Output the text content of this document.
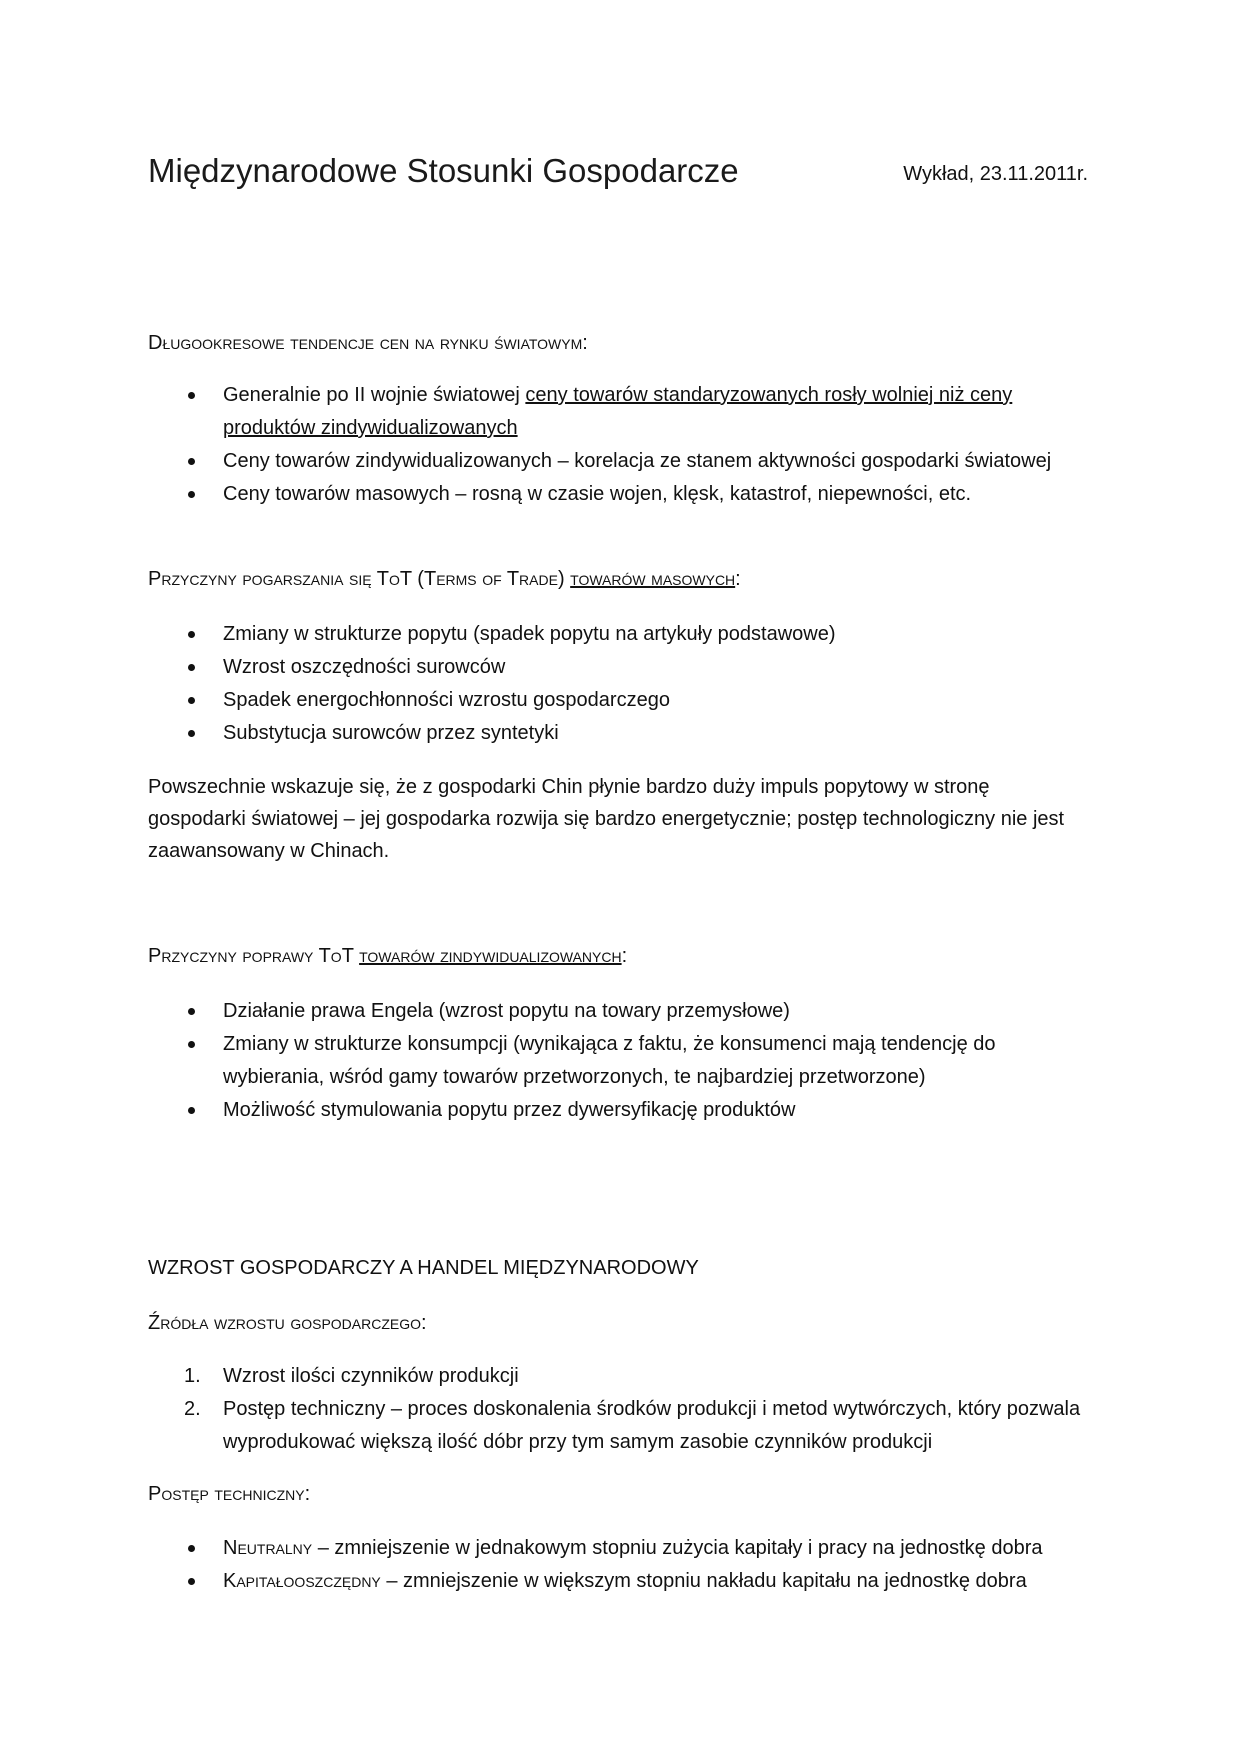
Międzynarodowe Stosunki Gospodarcze	Wykład, 23.11.2011r.
Długookresowe tendencje cen na rynku światowym:
Generalnie po II wojnie światowej ceny towarów standaryzowanych rosły wolniej niż ceny produktów zindywidualizowanych
Ceny towarów zindywidualizowanych – korelacja ze stanem aktywności gospodarki światowej
Ceny towarów masowych – rosną w czasie wojen, klęsk, katastrof, niepewności, etc.
Przyczyny pogarszania się ToT (Terms of Trade) towarów masowych:
Zmiany w strukturze popytu (spadek popytu na artykuły podstawowe)
Wzrost oszczędności surowców
Spadek energochłonności wzrostu gospodarczego
Substytucja surowców przez syntetyki
Powszechnie wskazuje się, że z gospodarki Chin płynie bardzo duży impuls popytowy w stronę gospodarki światowej – jej gospodarka rozwija się bardzo energetycznie; postęp technologiczny nie jest zaawansowany w Chinach.
Przyczyny poprawy ToT towarów zindywidualizowanych:
Działanie prawa Engela (wzrost popytu na towary przemysłowe)
Zmiany w strukturze konsumpcji (wynikająca z faktu, że konsumenci mają tendencję do wybierania, wśród gamy towarów przetworzonych, te najbardziej przetworzone)
Możliwość stymulowania popytu przez dywersyfikację produktów
WZROST GOSPODARCZY A HANDEL MIĘDZYNARODOWY
Źródła wzrostu gospodarczego:
1. Wzrost ilości czynników produkcji
2. Postęp techniczny – proces doskonalenia środków produkcji i metod wytwórczych, który pozwala wyprodukować większą ilość dóbr przy tym samym zasobie czynników produkcji
Postęp techniczny:
Neutralny – zmniejszenie w jednakowym stopniu zużycia kapitały i pracy na jednostkę dobra
Kapitałooszczędny – zmniejszenie w większym stopniu nakładu kapitału na jednostkę dobra
